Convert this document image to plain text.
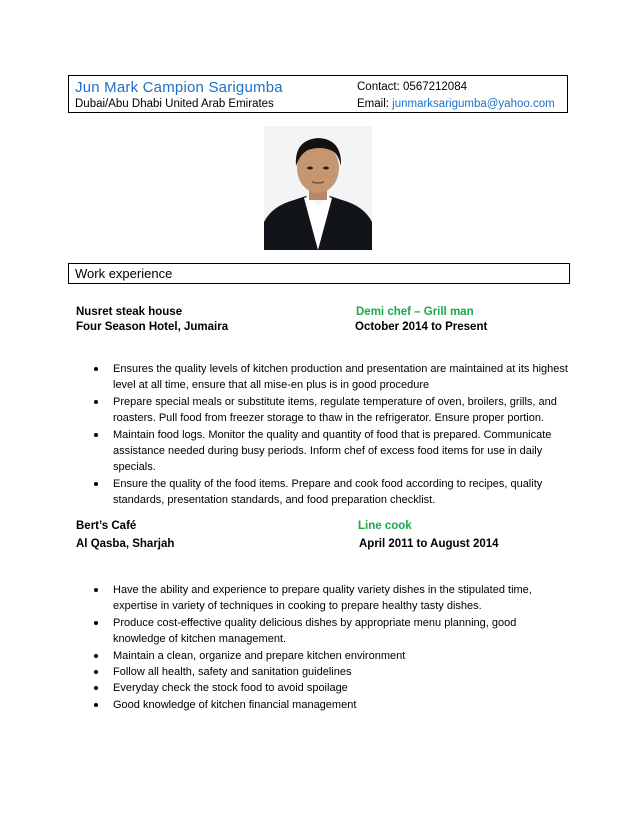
Jun Mark Campion Sarigumba
Dubai/Abu Dhabi United Arab Emirates
Contact: 0567212084
Email: junmarksarigumba@yahoo.com
Work experience
Nusret steak house
Four Season Hotel, Jumaira
Demi chef – Grill man
October 2014 to Present
Ensures the quality levels of kitchen production and presentation are maintained at its highest level at all time, ensure that all mise-en plus is in good procedure
Prepare special meals or substitute items, regulate temperature of oven, broilers, grills, and roasters. Pull food from freezer storage to thaw in the refrigerator. Ensure proper portion.
Maintain food logs. Monitor the quality and quantity of food that is prepared. Communicate assistance needed during busy periods. Inform chef of excess food items for use in daily specials.
Ensure the quality of the food items. Prepare and cook food according to recipes, quality standards, presentation standards, and food preparation checklist.
Bert’s Café
Al Qasba, Sharjah
Line cook
April 2011 to August 2014
Have the ability and experience to prepare quality variety dishes in the stipulated time, expertise in variety of techniques in cooking to prepare healthy tasty dishes.
Produce cost-effective quality delicious dishes by appropriate menu planning, good knowledge of kitchen management.
Maintain a clean, organize and prepare kitchen environment
Follow all health, safety and sanitation guidelines
Everyday check the stock food to avoid spoilage
Good knowledge of kitchen financial management
